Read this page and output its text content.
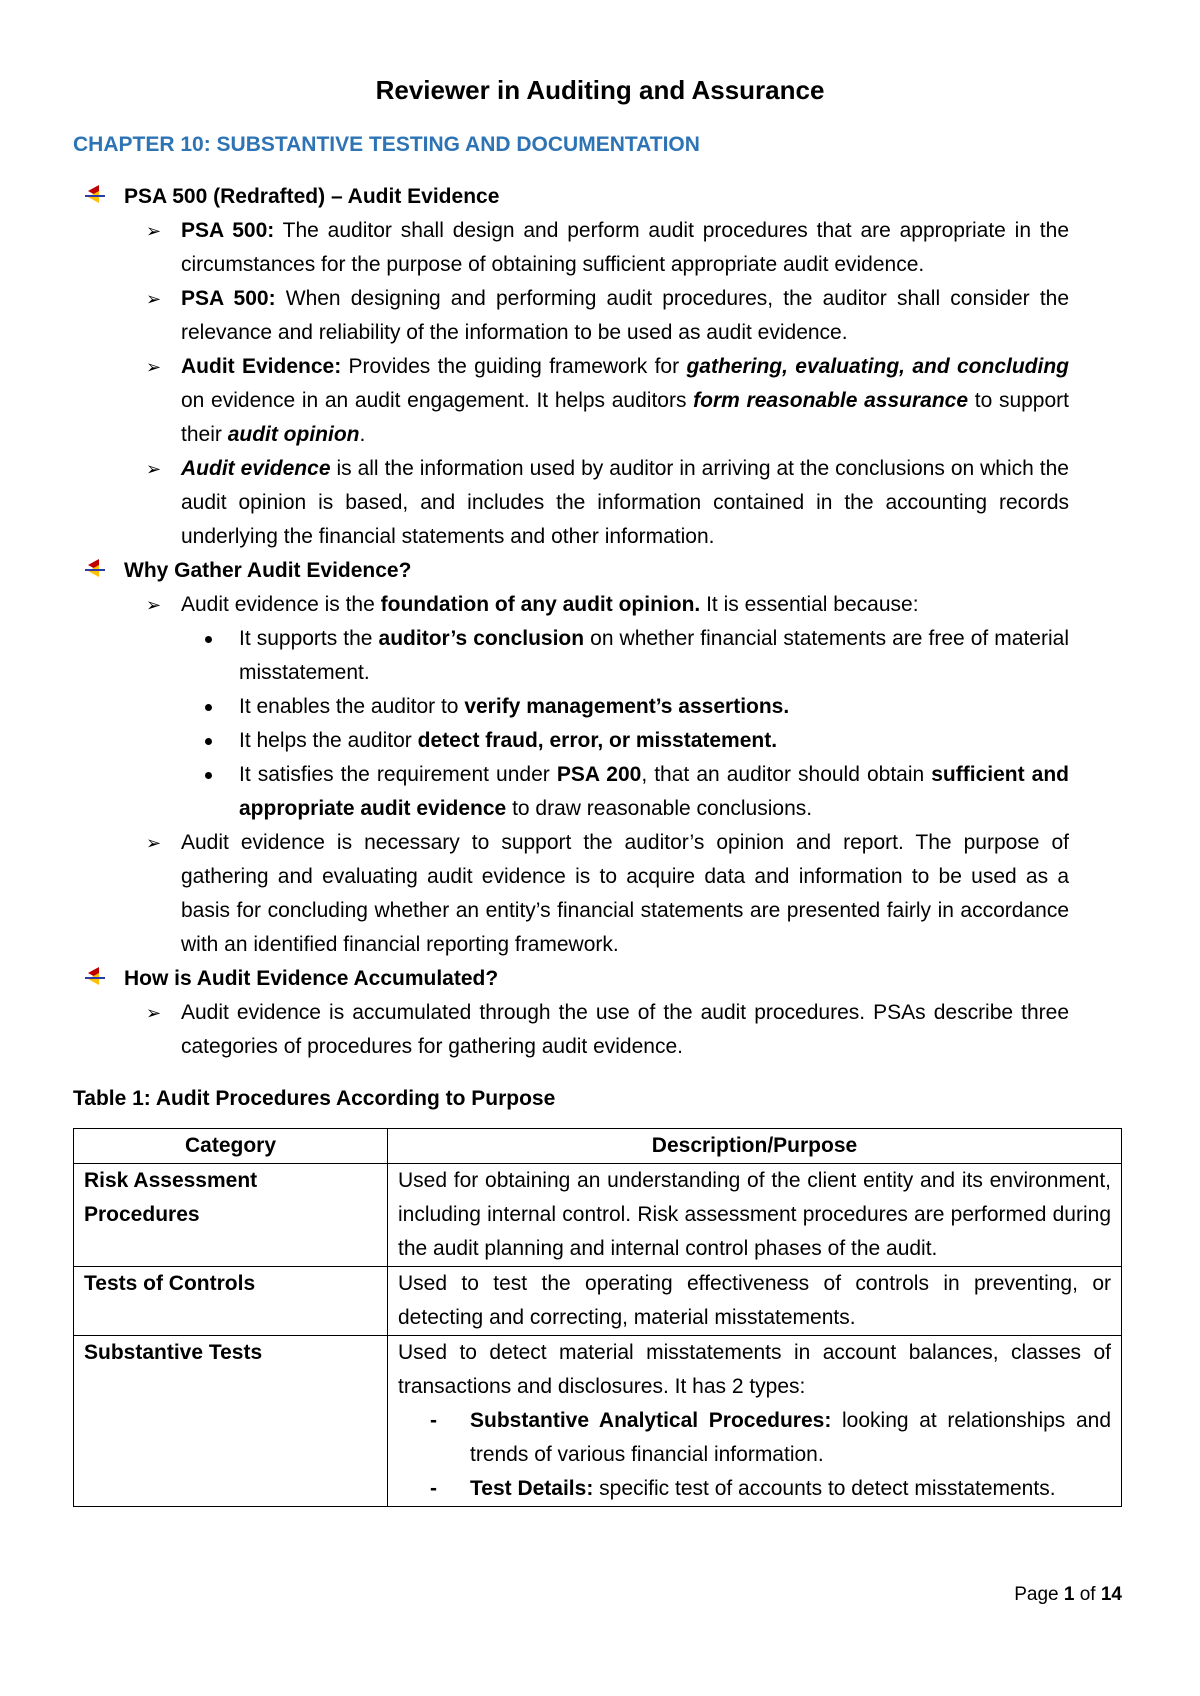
Reviewer in Auditing and Assurance
CHAPTER 10: SUBSTANTIVE TESTING AND DOCUMENTATION
PSA 500 (Redrafted) – Audit Evidence
➢ PSA 500: The auditor shall design and perform audit procedures that are appropriate in the circumstances for the purpose of obtaining sufficient appropriate audit evidence.
➢ PSA 500: When designing and performing audit procedures, the auditor shall consider the relevance and reliability of the information to be used as audit evidence.
➢ Audit Evidence: Provides the guiding framework for gathering, evaluating, and concluding on evidence in an audit engagement. It helps auditors form reasonable assurance to support their audit opinion.
➢ Audit evidence is all the information used by auditor in arriving at the conclusions on which the audit opinion is based, and includes the information contained in the accounting records underlying the financial statements and other information.
Why Gather Audit Evidence?
➢ Audit evidence is the foundation of any audit opinion. It is essential because:
It supports the auditor’s conclusion on whether financial statements are free of material misstatement.
It enables the auditor to verify management’s assertions.
It helps the auditor detect fraud, error, or misstatement.
It satisfies the requirement under PSA 200, that an auditor should obtain sufficient and appropriate audit evidence to draw reasonable conclusions.
➢ Audit evidence is necessary to support the auditor’s opinion and report. The purpose of gathering and evaluating audit evidence is to acquire data and information to be used as a basis for concluding whether an entity’s financial statements are presented fairly in accordance with an identified financial reporting framework.
How is Audit Evidence Accumulated?
➢ Audit evidence is accumulated through the use of the audit procedures. PSAs describe three categories of procedures for gathering audit evidence.
Table 1: Audit Procedures According to Purpose
Category	Description/Purpose
Risk Assessment Procedures	Used for obtaining an understanding of the client entity and its environment, including internal control. Risk assessment procedures are performed during the audit planning and internal control phases of the audit.
Tests of Controls	Used to test the operating effectiveness of controls in preventing, or detecting and correcting, material misstatements.
Substantive Tests	Used to detect material misstatements in account balances, classes of transactions and disclosures. It has 2 types:
- Substantive Analytical Procedures: looking at relationships and trends of various financial information.
- Test Details: specific test of accounts to detect misstatements.
Page 1 of 14
